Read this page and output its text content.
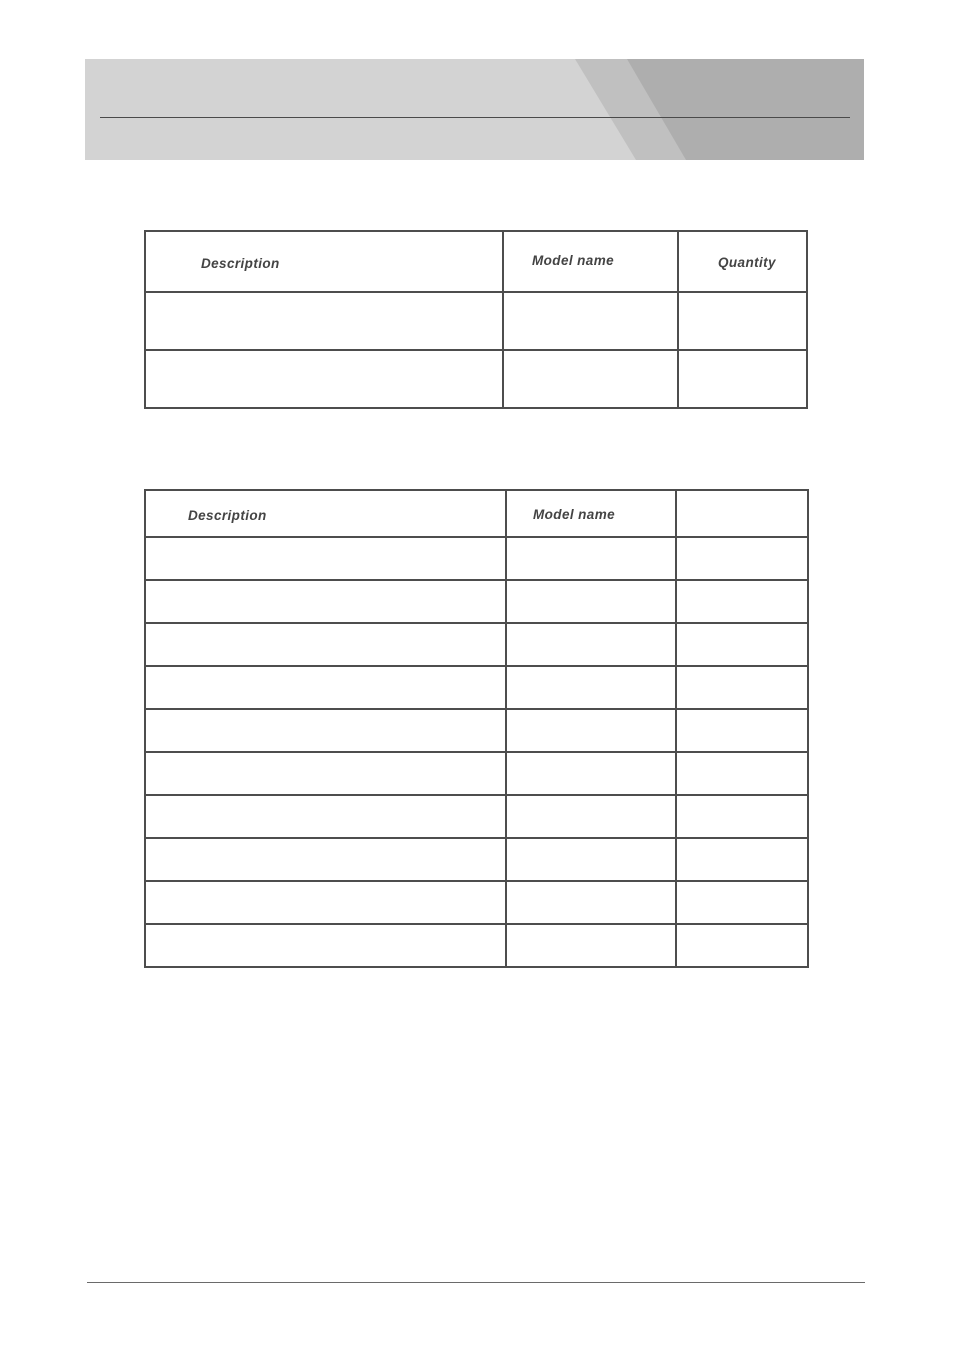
Description	Model name	Quantity

Description	Model name	
